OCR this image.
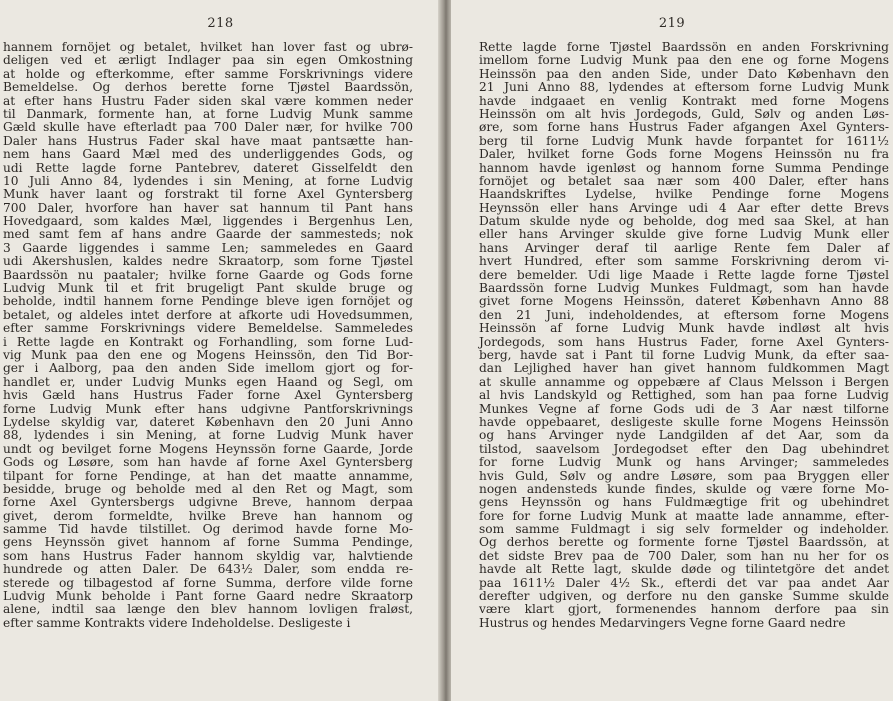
218
hannem fornöjet og betalet, hvilket han lover fast og ubrø-
deligen ved et ærligt Indlager paa sin egen Omkostning
at holde og efterkomme, efter samme Forskrivnings videre
Bemeldelse. Og derhos berette forne Tjøstel Baardssön,
at efter hans Hustru Fader siden skal være kommen neder
til Danmark, formente han, at forne Ludvig Munk samme
Gæld skulle have efterladt paa 700 Daler nær, for hvilke 700
Daler hans Hustrus Fader skal have maat pantsætte han-
nem hans Gaard Mæl med des underliggendes Gods, og
udi Rette lagde forne Pantebrev, dateret Gisselfeldt den
10 Juli Anno 84, lydendes i sin Mening, at forne Ludvig
Munk haver laant og forstrakt til forne Axel Gyntersberg
700 Daler, hvorfore han haver sat hannum til Pant hans
Hovedgaard, som kaldes Mæl, liggendes i Bergenhus Len,
med samt fem af hans andre Gaarde der sammesteds; nok
3 Gaarde liggendes i samme Len; sammeledes en Gaard
udi Akershuslen, kaldes nedre Skraatorp, som forne Tjøstel
Baardssön nu paataler; hvilke forne Gaarde og Gods forne
Ludvig Munk til et frit brugeligt Pant skulde bruge og
beholde, indtil hannem forne Pendinge bleve igen fornöjet og
betalet, og aldeles intet derfore at afkorte udi Hovedsummen,
efter samme Forskrivnings videre Bemeldelse. Sammeledes
i Rette lagde en Kontrakt og Forhandling, som forne Lud-
vig Munk paa den ene og Mogens Heinssön, den Tid Bor-
ger i Aalborg, paa den anden Side imellom gjort og for-
handlet er, under Ludvig Munks egen Haand og Segl, om
hvis Gæld hans Hustrus Fader forne Axel Gyntersberg
forne Ludvig Munk efter hans udgivne Pantforskrivnings
Lydelse skyldig var, dateret København den 20 Juni Anno
88, lydendes i sin Mening, at forne Ludvig Munk haver
undt og bevilget forne Mogens Heynssön forne Gaarde, Jorde
Gods og Løsøre, som han havde af forne Axel Gyntersberg
tilpant for forne Pendinge, at han det maatte annamme,
besidde, bruge og beholde med al den Ret og Magt, som
forne Axel Gyntersbergs udgivne Breve, hannom derpaa
givet, derom formeldte, hvilke Breve han hannom og
samme Tid havde tilstillet. Og derimod havde forne Mo-
gens Heynssön givet hannom af forne Summa Pendinge,
som hans Hustrus Fader hannom skyldig var, halvtiende
hundrede og atten Daler. De 643½ Daler, som endda re-
sterede og tilbagestod af forne Summa, derfore vilde forne
Ludvig Munk beholde i Pant forne Gaard nedre Skraatorp
alene, indtil saa længe den blev hannom lovligen fraløst,
efter samme Kontrakts videre Indeholdelse. Desligeste i
219
Rette lagde forne Tjøstel Baardssön en anden Forskrivning
imellom forne Ludvig Munk paa den ene og forne Mogens
Heinssön paa den anden Side, under Dato København den
21 Juni Anno 88, lydendes at eftersom forne Ludvig Munk
havde indgaaet en venlig Kontrakt med forne Mogens
Heinssön om alt hvis Jordegods, Guld, Sølv og anden Løs-
øre, som forne hans Hustrus Fader afgangen Axel Gynters-
berg til forne Ludvig Munk havde forpantet for 1611½
Daler, hvilket forne Gods forne Mogens Heinssön nu fra
hannom havde igenløst og hannom forne Summa Pendinge
fornöjet og betalet saa nær som 400 Daler, efter hans
Haandskriftes Lydelse, hvilke Pendinge forne Mogens
Heynssön eller hans Arvinge udi 4 Aar efter dette Brevs
Datum skulde nyde og beholde, dog med saa Skel, at han
eller hans Arvinger skulde give forne Ludvig Munk eller
hans Arvinger deraf til aarlige Rente fem Daler af
hvert Hundred, efter som samme Forskrivning derom vi-
dere bemelder. Udi lige Maade i Rette lagde forne Tjøstel
Baardssön forne Ludvig Munkes Fuldmagt, som han havde
givet forne Mogens Heinssön, dateret København Anno 88
den 21 Juni, indeholdendes, at eftersom forne Mogens
Heinssön af forne Ludvig Munk havde indløst alt hvis
Jordegods, som hans Hustrus Fader, forne Axel Gynters-
berg, havde sat i Pant til forne Ludvig Munk, da efter saa-
dan Lejlighed haver han givet hannom fuldkommen Magt
at skulle annamme og oppebære af Claus Melsson i Bergen
al hvis Landskyld og Rettighed, som han paa forne Ludvig
Munkes Vegne af forne Gods udi de 3 Aar næst tilforne
havde oppebaaret, desligeste skulle forne Mogens Heinssön
og hans Arvinger nyde Landgilden af det Aar, som da
tilstod, saavelsom Jordegodset efter den Dag ubehindret
for forne Ludvig Munk og hans Arvinger; sammeledes
hvis Guld, Sølv og andre Løsøre, som paa Bryggen eller
nogen andensteds kunde findes, skulde og være forne Mo-
gens Heynssön og hans Fuldmægtige frit og ubehindret
fore for forne Ludvig Munk at maatte lade annamme, efter-
som samme Fuldmagt i sig selv formelder og indeholder.
Og derhos berette og formente forne Tjøstel Baardssön, at
det sidste Brev paa de 700 Daler, som han nu her for os
havde alt Rette lagt, skulde døde og tilintetgöre det andet
paa 1611½ Daler 4½ Sk., efterdi det var paa andet Aar
derefter udgiven, og derfore nu den ganske Summe skulde
være klart gjort, formenendes hannom derfore paa sin
Hustrus og hendes Medarvingers Vegne forne Gaard nedre
